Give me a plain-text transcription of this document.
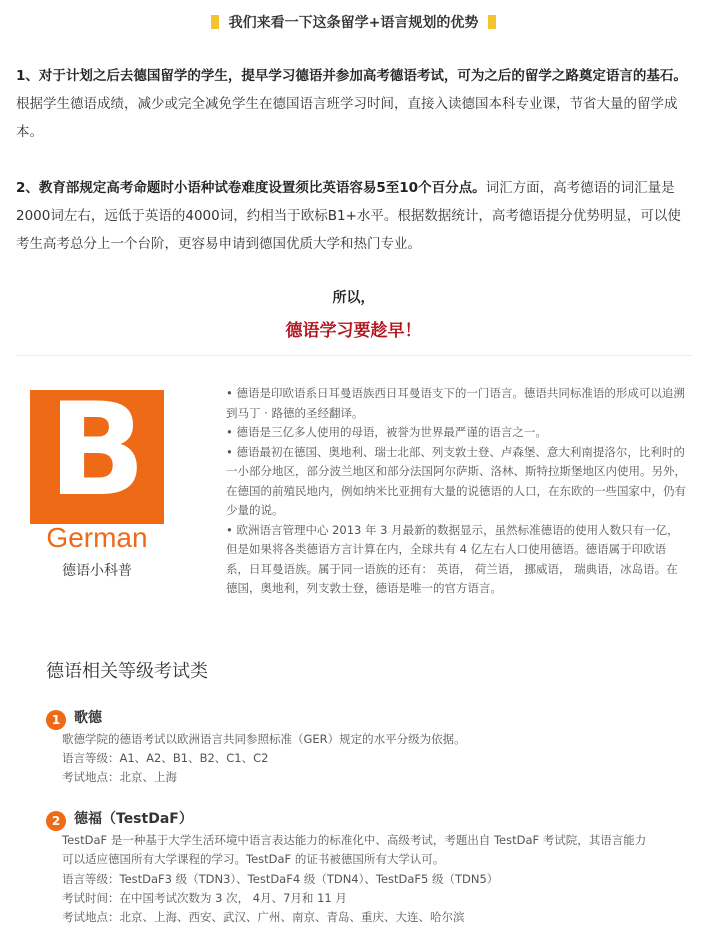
我们来看一下这条留学+语言规划的优势
1、对于计划之后去德国留学的学生，提早学习德语并参加高考德语考试，可为之后的留学之路奠定语言的基石。根据学生德语成绩，减少或完全减免学生在德国语言班学习时间，直接入读德国本科专业课，节省大量的留学成本。
2、教育部规定高考命题时小语种试卷难度设置须比英语容易5至10个百分点。词汇方面，高考德语的词汇量是2000词左右，远低于英语的4000词，约相当于欧标B1+水平。根据数据统计，高考德语提分优势明显，可以使考生高考总分上一个台阶，更容易申请到德国优质大学和热门专业。
所以，
德语学习要趁早！
B
German
德语小科普

• 德语是印欧语系日耳曼语族西日耳曼语支下的一门语言。德语共同标准语的形成可以追溯到马丁 · 路德的圣经翻译。

• 德语是三亿多人使用的母语，被誉为世界最严谨的语言之一。

• 德语最初在德国、奥地利、瑞士北部、列支敦士登、卢森堡、意大利南提洛尔，比利时的一小部分地区，部分波兰地区和部分法国阿尔萨斯、洛林、斯特拉斯堡地区内使用。另外，在德国的前殖民地内，例如纳米比亚拥有大量的说德语的人口，在东欧的一些国家中，仍有少量的说。

• 欧洲语言管理中心 2013 年 3 月最新的数据显示，虽然标准德语的使用人数只有一亿，但是如果将各类德语方言计算在内，全球共有 4 亿左右人口使用德语。德语属于印欧语系，日耳曼语族。属于同一语族的还有： 英语， 荷兰语， 挪威语， 瑞典语，冰岛语。在德国，奥地利，列支敦士登，德语是唯一的官方语言。

德语相关等级考试类
1 歌德
歌德学院的德语考试以欧洲语言共同参照标准（GER）规定的水平分级为依据。
语言等级：A1、A2、B1、B2、C1、C2
考试地点：北京、上海
2 德福（TestDaF）
TestDaF 是一种基于大学生活环境中语言表达能力的标准化中、高级考试，考题出自 TestDaF 考试院，其语言能力
可以适应德国所有大学课程的学习。TestDaF 的证书被德国所有大学认可。
语言等级：TestDaF3 级（TDN3）、TestDaF4 级（TDN4）、TestDaF5 级（TDN5）
考试时间：在中国考试次数为 3 次， 4月、7月和 11 月
考试地点：北京、上海、西安、武汉、广州、南京、青岛、重庆、大连、哈尔滨
